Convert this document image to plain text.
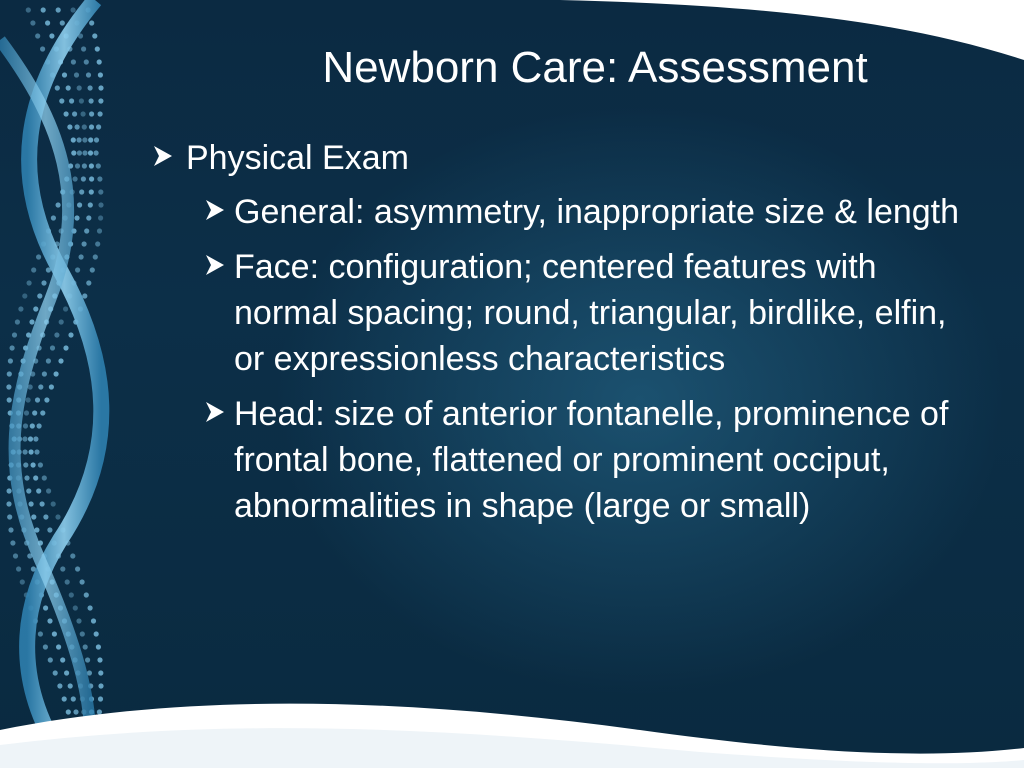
Newborn Care: Assessment
Physical Exam
General: asymmetry, inappropriate size & length
Face: configuration; centered features with normal spacing; round, triangular, birdlike, elfin, or expressionless characteristics
Head: size of anterior fontanelle, prominence of frontal bone, flattened or prominent occiput, abnormalities in shape (large or small)
